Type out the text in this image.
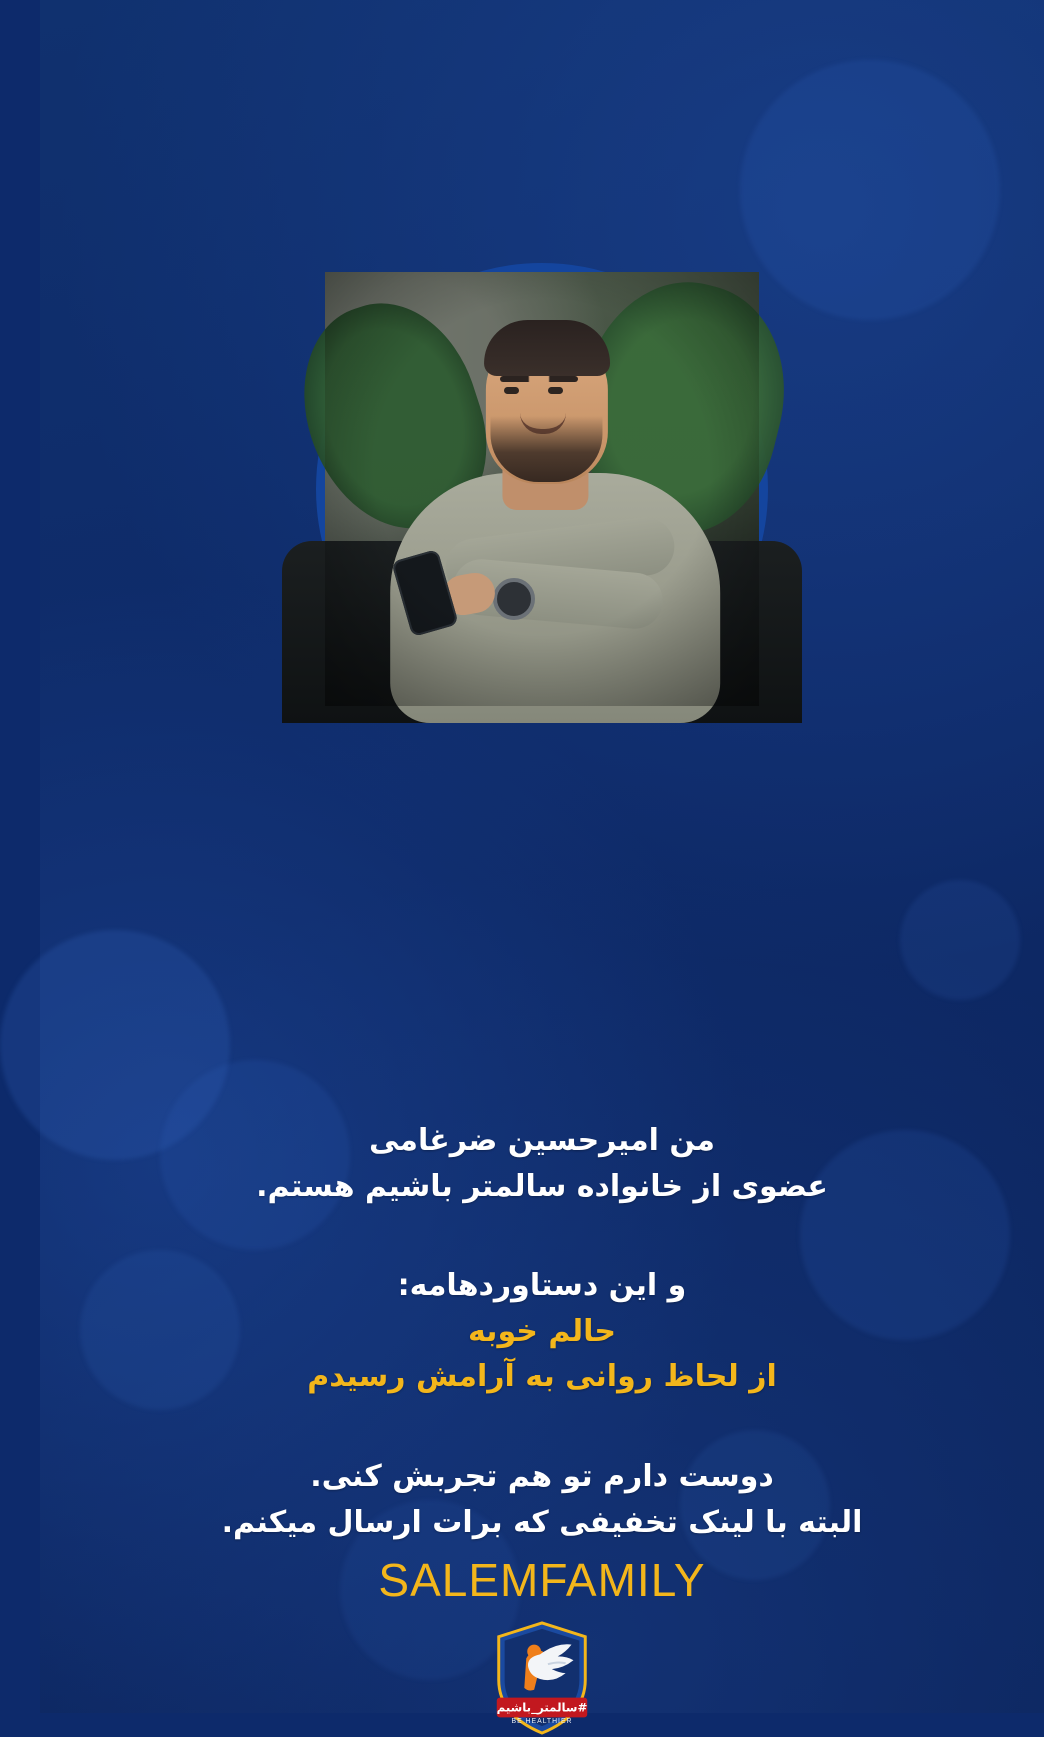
من امیرحسین ضرغامی
عضوی از خانواده سالمتر باشیم هستم.
و این دستاوردهامه:
حالم خوبه
از لحاظ روانی به آرامش رسیدم
دوست دارم تو هم تجربش کنی.
البته با لینک تخفیفی که برات ارسال میکنم.
SALEMFAMILY
#سالمتر_باشیم
BE HEALTHIER
